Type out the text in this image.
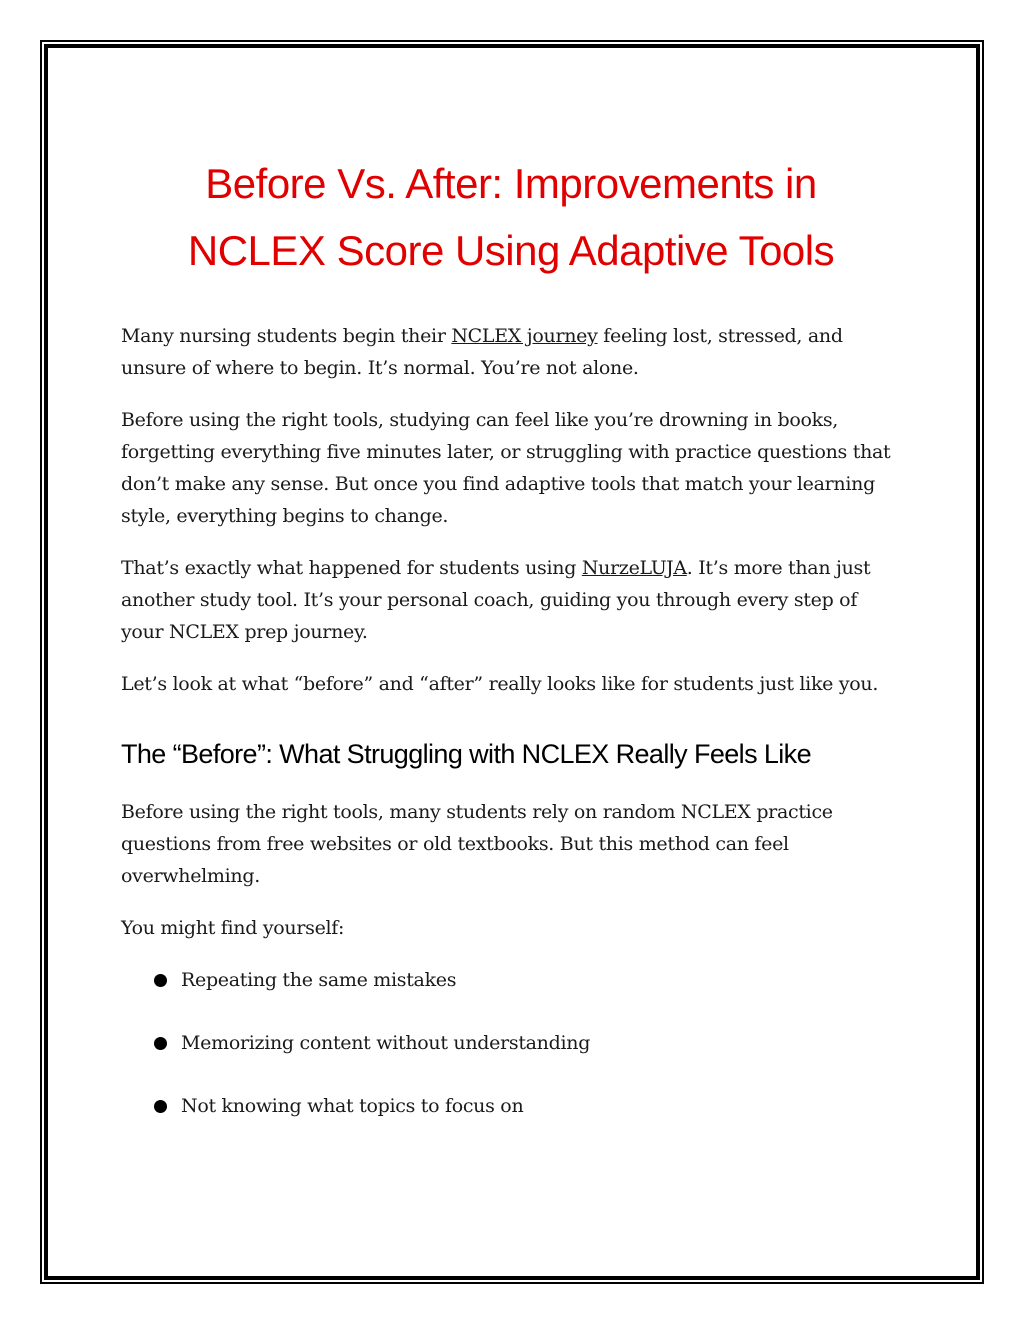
Before Vs. After: Improvements in
NCLEX Score Using Adaptive Tools

Many nursing students begin their NCLEX journey feeling lost, stressed, and unsure of where to begin. It’s normal. You’re not alone.

Before using the right tools, studying can feel like you’re drowning in books, forgetting everything five minutes later, or struggling with practice questions that don’t make any sense. But once you find adaptive tools that match your learning style, everything begins to change.

That’s exactly what happened for students using NurzeLUJA. It’s more than just another study tool. It’s your personal coach, guiding you through every step of your NCLEX prep journey.

Let’s look at what “before” and “after” really looks like for students just like you.

The “Before”: What Struggling with NCLEX Really Feels Like

Before using the right tools, many students rely on random NCLEX practice questions from free websites or old textbooks. But this method can feel overwhelming.

You might find yourself:

Repeating the same mistakes
Memorizing content without understanding
Not knowing what topics to focus on
